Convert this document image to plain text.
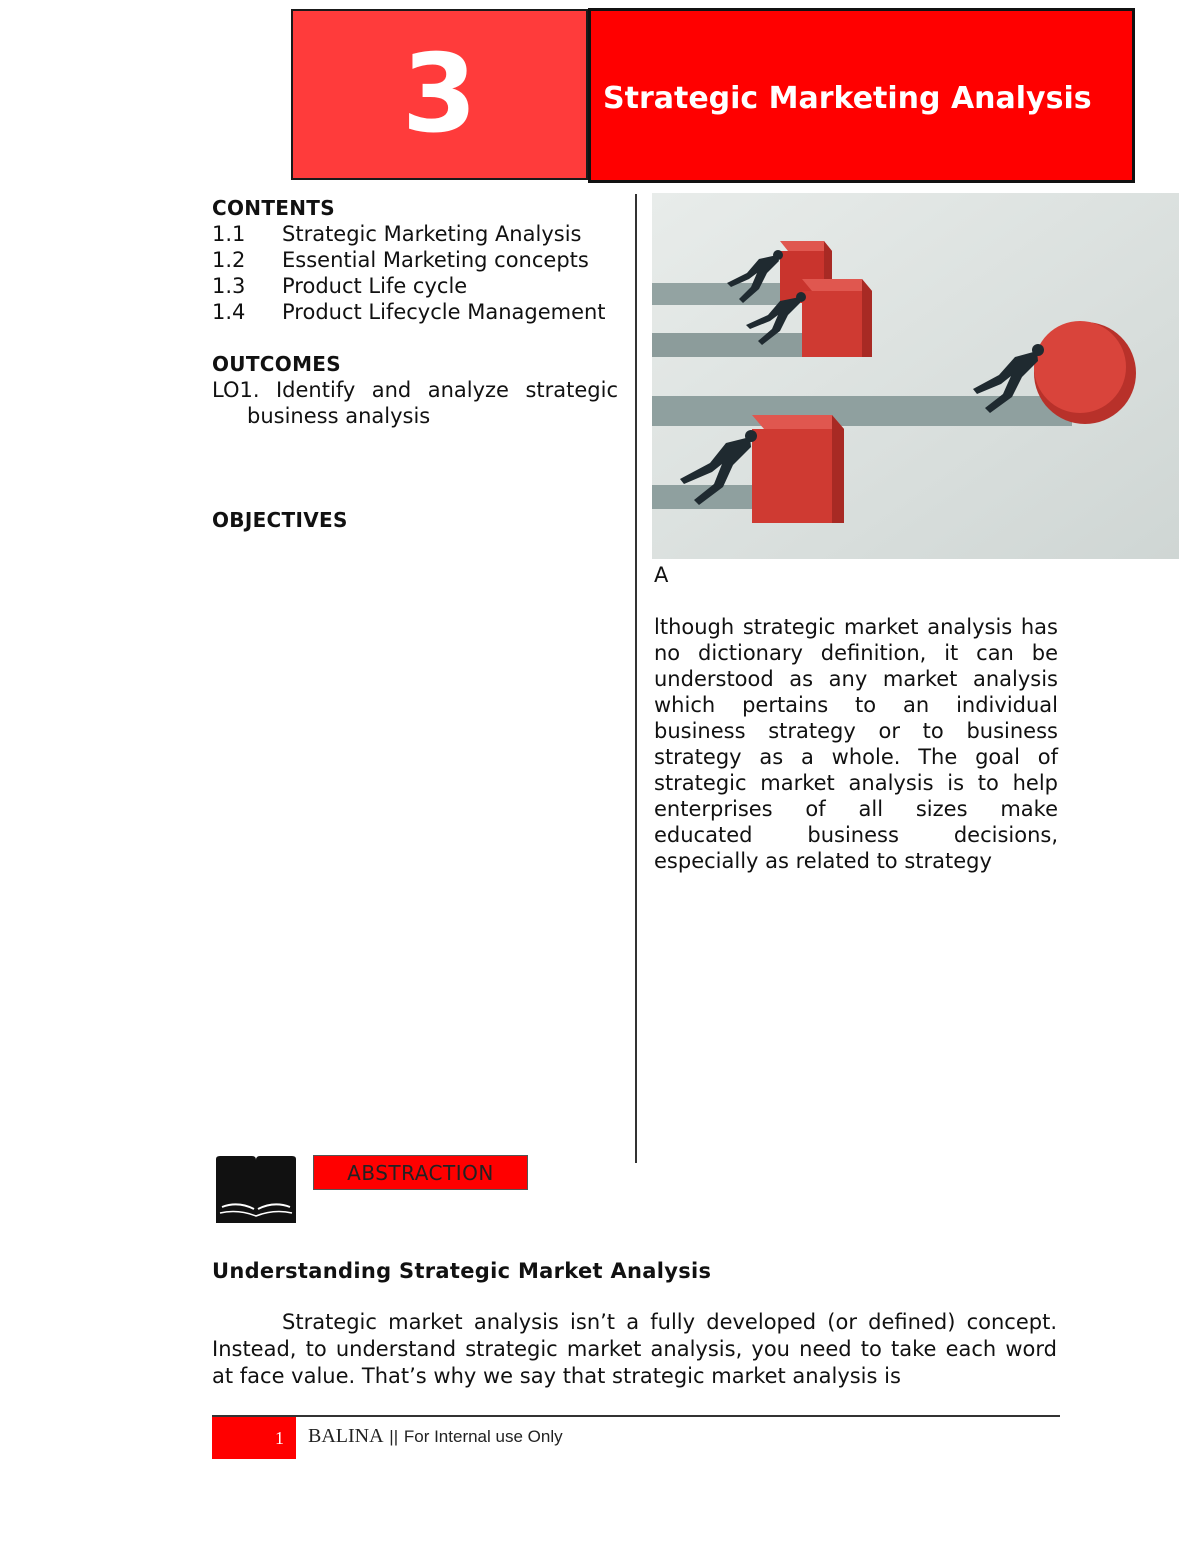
3	Strategic Marketing Analysis
CONTENTS
1.1	Strategic Marketing Analysis
1.2	Essential Marketing concepts
1.3	Product Life cycle
1.4	Product Lifecycle Management
OUTCOMES
LO1. Identify and analyze strategic
business analysis
OBJECTIVES
A
lthough strategic market analysis has no dictionary definition, it can be understood as any market analysis which pertains to an individual business strategy or to business strategy as a whole. The goal of strategic market analysis is to help enterprises of all sizes make educated business decisions, especially as related to strategy
ABSTRACTION
Understanding Strategic Market Analysis
Strategic market analysis isn’t a fully developed (or defined) concept. Instead, to understand strategic market analysis, you need to take each word at face value. That’s why we say that strategic market analysis is
1 BALINA || For Internal use Only
